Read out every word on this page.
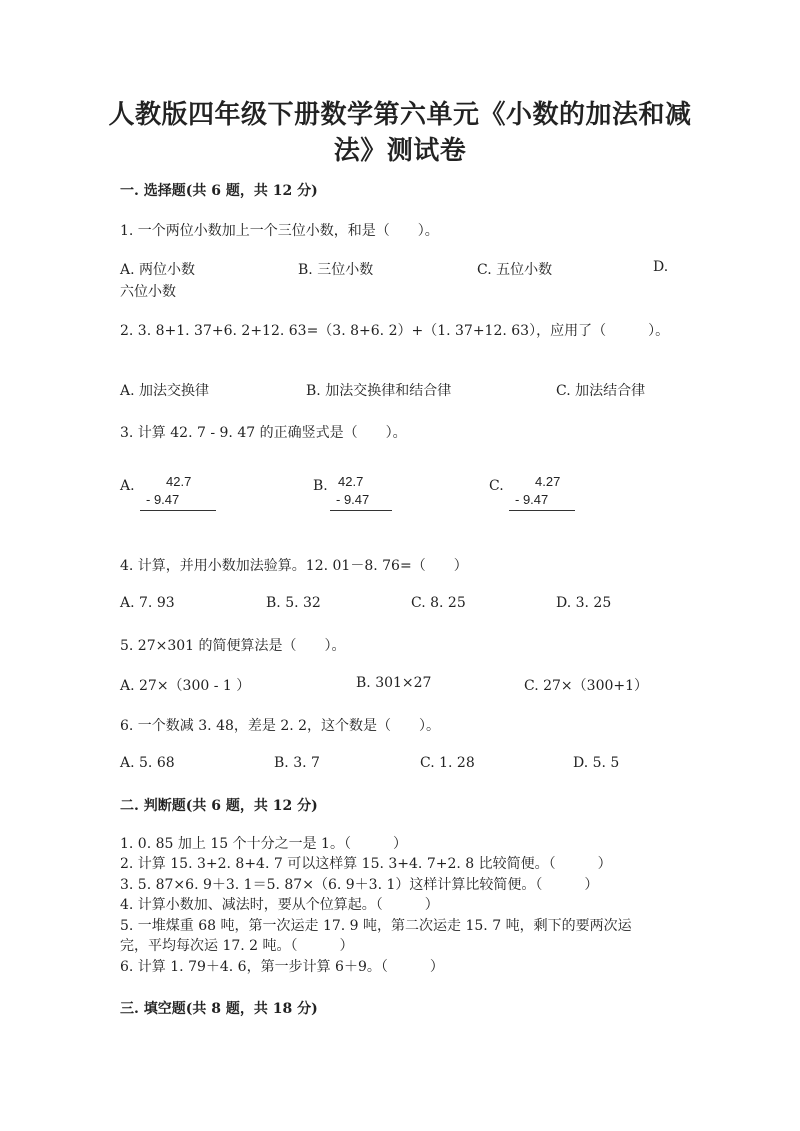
人教版四年级下册数学第六单元《小数的加法和减
法》测试卷
一. 选择题(共 6 题，共 12 分)
1. 一个两位小数加上一个三位小数，和是（　　）。
A. 两位小数	B. 三位小数	C. 五位小数	D.
六位小数
2. 3. 8+1. 37+6. 2+12. 63=（3. 8+6. 2）+（1. 37+12. 63），应用了（　　　）。
A. 加法交换律	B. 加法交换律和结合律	C. 加法结合律
3. 计算 42. 7 - 9. 47 的正确竖式是（　　）。
A. 42.7
- 9.47
B. 42.7
- 9.47
C. 4.27
- 9.47
4. 计算，并用小数加法验算。12. 01－8. 76=（　　）
A. 7. 93	B. 5. 32	C. 8. 25	D. 3. 25
5. 27×301 的简便算法是（　　）。
A. 27×（300 - 1 ）	B. 301×27	C. 27×（300+1）
6. 一个数减 3. 48，差是 2. 2，这个数是（　　）。
A. 5. 68	B. 3. 7	C. 1. 28	D. 5. 5
二. 判断题(共 6 题，共 12 分)
1. 0. 85 加上 15 个十分之一是 1。（　　　）
2. 计算 15. 3+2. 8+4. 7 可以这样算 15. 3+4. 7+2. 8 比较简便。（　　　）
3. 5. 87×6. 9＋3. 1＝5. 87×（6. 9＋3. 1）这样计算比较简便。（　　　）
4. 计算小数加、减法时，要从个位算起。（　　　）
5. 一堆煤重 68 吨，第一次运走 17. 9 吨，第二次运走 15. 7 吨，剩下的要两次运
完，平均每次运 17. 2 吨。（　　　）
6. 计算 1. 79＋4. 6，第一步计算 6＋9。（　　　）
三. 填空题(共 8 题，共 18 分)
